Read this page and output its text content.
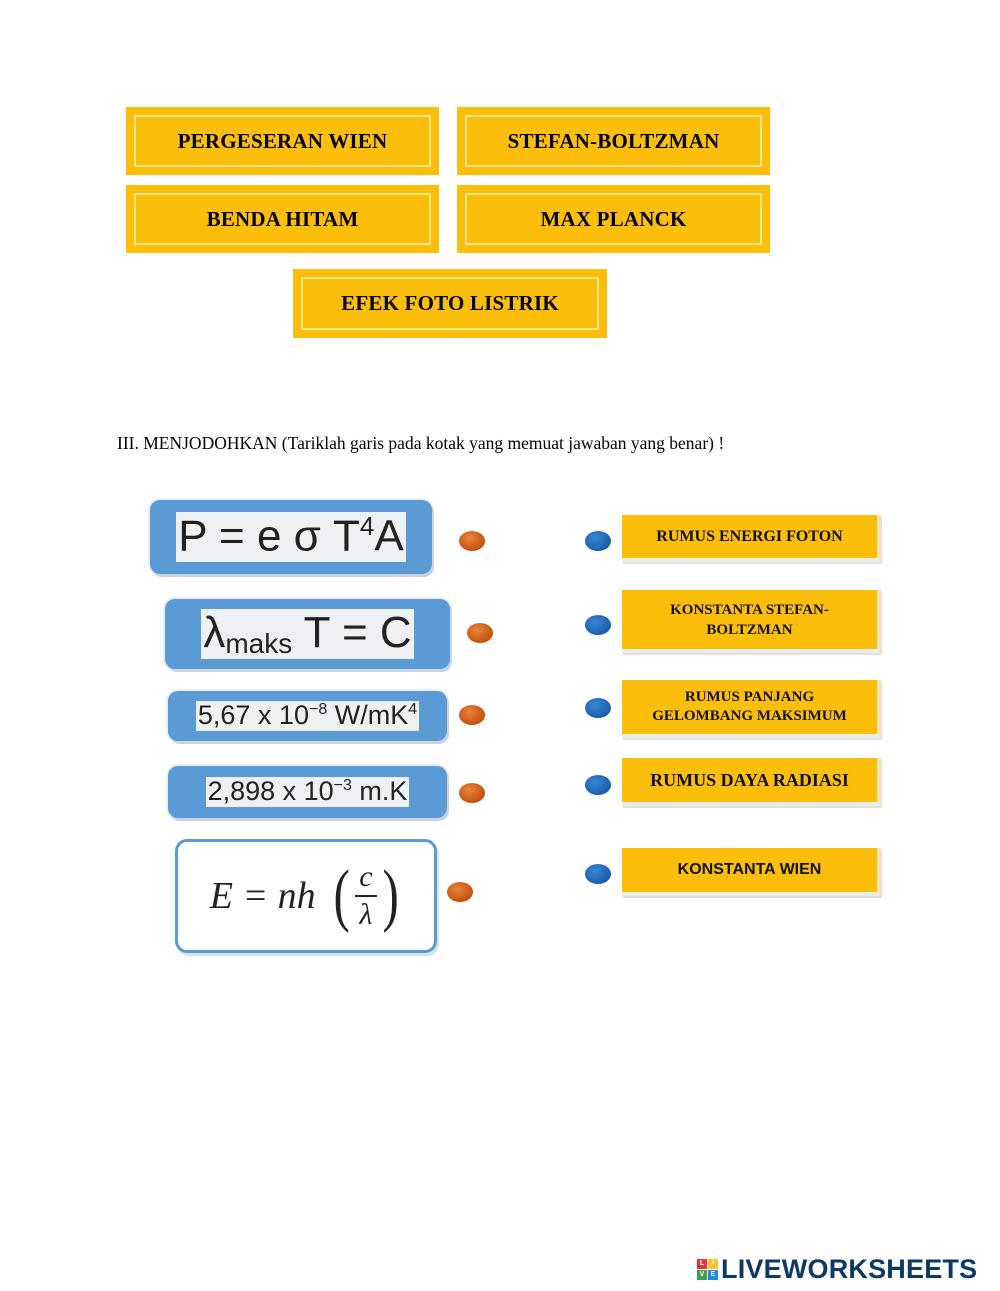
PERGESERAN WIEN	STEFAN-BOLTZMAN
BENDA HITAM	MAX PLANCK
EFEK FOTO LISTRIK
III. MENJODOHKAN (Tariklah garis pada kotak yang memuat jawaban yang benar) !
P = e σ $T^4A$
$\lambda_{maks}$ T = C
5,67 x $10^{-8}$ $W/mK^4$
2,898 x $10^{-3}$ m.K
E = nh ( $\frac{c}{\lambda}$ )
RUMUS ENERGI FOTON
KONSTANTA STEFAN-
BOLTZMAN
RUMUS PANJANG
GELOMBANG MAKSIMUM
RUMUS DAYA RADIASI
KONSTANTA WIEN
L	I
V E LIVEWORKSHEETS
